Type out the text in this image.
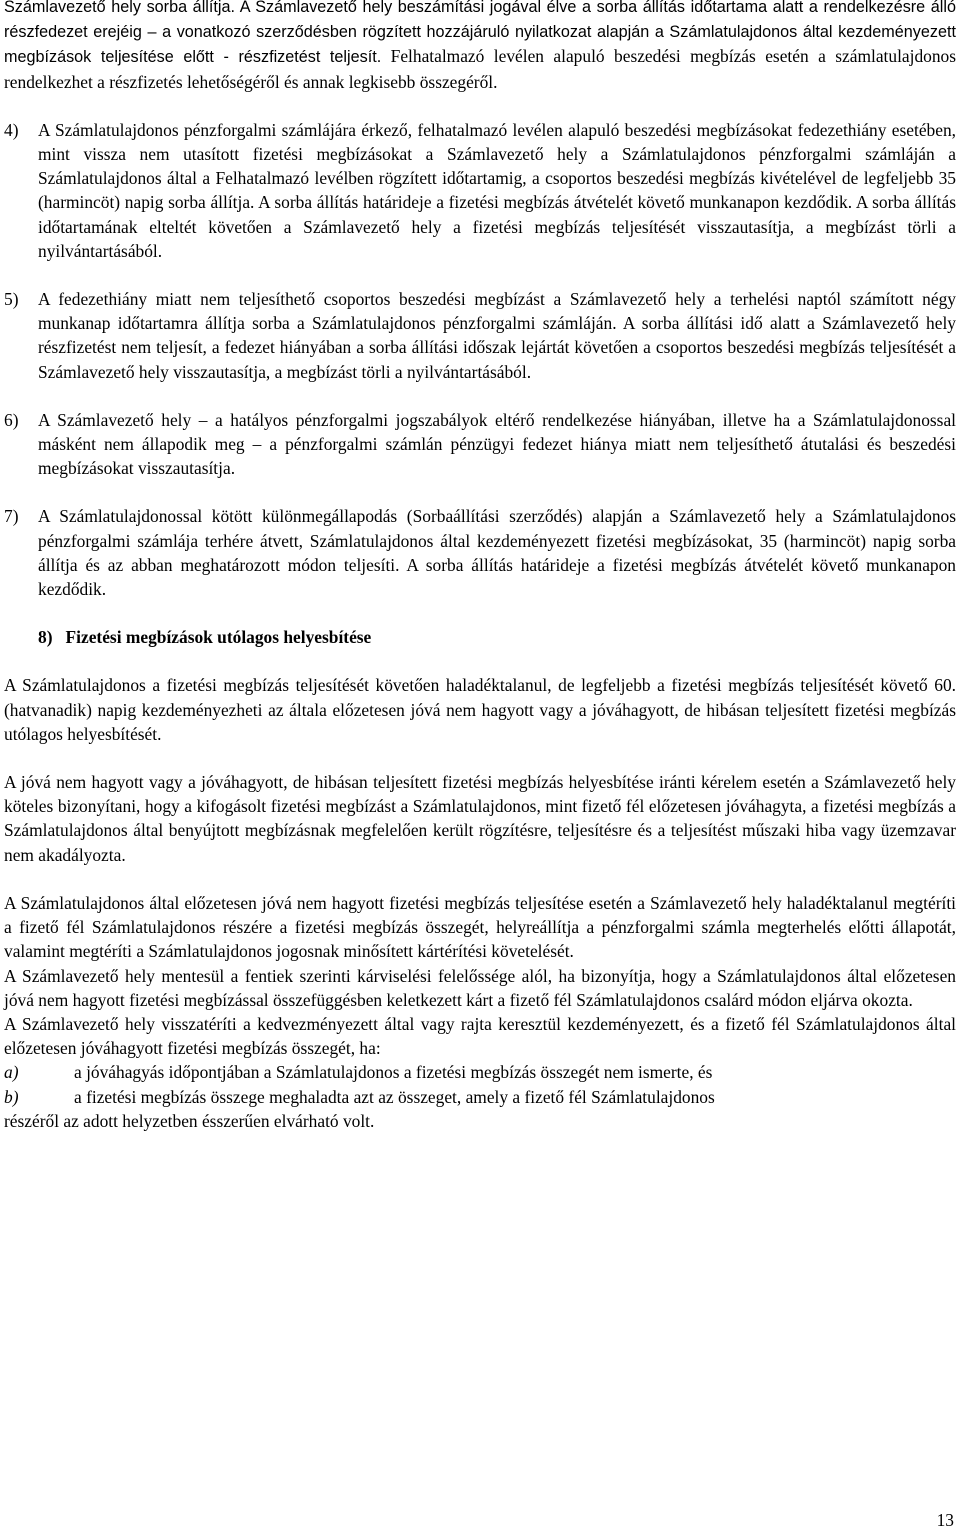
Számlavezető hely sorba állítja. A Számlavezető hely beszámítási jogával élve a sorba állítás időtartama alatt a rendelkezésre álló részfedezet erejéig – a vonatkozó szerződésben rögzített hozzájáruló nyilatkozat alapján a Számlatulajdonos által kezdeményezett megbízások teljesítése előtt - részfizetést teljesít. Felhatalmazó levélen alapuló beszedési megbízás esetén a számlatulajdonos rendelkezhet a részfizetés lehetőségéről és annak legkisebb összegéről.

4)	A Számlatulajdonos pénzforgalmi számlájára érkező, felhatalmazó levélen alapuló beszedési megbízásokat fedezethiány esetében, mint vissza nem utasított fizetési megbízásokat a Számlavezető hely a Számlatulajdonos pénzforgalmi számláján a Számlatulajdonos által a Felhatalmazó levélben rögzített időtartamig, a csoportos beszedési megbízás kivételével de legfeljebb 35 (harmincöt) napig sorba állítja. A sorba állítás határideje a fizetési megbízás átvételét követő munkanapon kezdődik. A sorba állítás időtartamának elteltét követően a Számlavezető hely a fizetési megbízás teljesítését visszautasítja, a megbízást törli a nyilvántartásából.
5)	A fedezethiány miatt nem teljesíthető csoportos beszedési megbízást a Számlavezető hely a terhelési naptól számított négy munkanap időtartamra állítja sorba a Számlatulajdonos pénzforgalmi számláján. A sorba állítási idő alatt a Számlavezető hely részfizetést nem teljesít, a fedezet hiányában a sorba állítási időszak lejártát követően a csoportos beszedési megbízás teljesítését a Számlavezető hely visszautasítja, a megbízást törli a nyilvántartásából.
6)	A Számlavezető hely – a hatályos pénzforgalmi jogszabályok eltérő rendelkezése hiányában, illetve ha a Számlatulajdonossal másként nem állapodik meg – a pénzforgalmi számlán pénzügyi fedezet hiánya miatt nem teljesíthető átutalási és beszedési megbízásokat visszautasítja.
7)	A Számlatulajdonossal kötött különmegállapodás (Sorbaállítási szerződés) alapján a Számlavezető hely a Számlatulajdonos pénzforgalmi számlája terhére átvett, Számlatulajdonos által kezdeményezett fizetési megbízásokat, 35 (harmincöt) napig sorba állítja és az abban meghatározott módon teljesíti. A sorba állítás határideje a fizetési megbízás átvételét követő munkanapon kezdődik.

8)   Fizetési megbízások utólagos helyesbítése

A Számlatulajdonos a fizetési megbízás teljesítését követően haladéktalanul, de legfeljebb a fizetési megbízás teljesítését követő 60. (hatvanadik) napig kezdeményezheti az általa előzetesen jóvá nem hagyott vagy a jóváhagyott, de hibásan teljesített fizetési megbízás utólagos helyesbítését.

A jóvá nem hagyott vagy a jóváhagyott, de hibásan teljesített fizetési megbízás helyesbítése iránti kérelem esetén a Számlavezető hely köteles bizonyítani, hogy a kifogásolt fizetési megbízást a Számlatulajdonos, mint fizető fél előzetesen jóváhagyta, a fizetési megbízás a Számlatulajdonos által benyújtott megbízásnak megfelelően került rögzítésre, teljesítésre és a teljesítést műszaki hiba vagy üzemzavar nem akadályozta.

A Számlatulajdonos által előzetesen jóvá nem hagyott fizetési megbízás teljesítése esetén a Számlavezető hely haladéktalanul megtéríti a fizető fél Számlatulajdonos részére a fizetési megbízás összegét, helyreállítja a pénzforgalmi számla megterhelés előtti állapotát, valamint megtéríti a Számlatulajdonos jogosnak minősített kártérítési követelését.

A Számlavezető hely mentesül a fentiek szerinti kárviselési felelőssége alól, ha bizonyítja, hogy a Számlatulajdonos által előzetesen jóvá nem hagyott fizetési megbízással összefüggésben keletkezett kárt a fizető fél Számlatulajdonos csalárd módon eljárva okozta.

A Számlavezető hely visszatéríti a kedvezményezett által vagy rajta keresztül kezdeményezett, és a fizető fél Számlatulajdonos által előzetesen jóváhagyott fizetési megbízás összegét, ha:

a)	a jóváhagyás időpontjában a Számlatulajdonos a fizetési megbízás összegét nem ismerte, és
b)	a fizetési megbízás összege meghaladta azt az összeget, amely a fizető fél Számlatulajdonos

részéről az adott helyzetben ésszerűen elvárható volt.

13
